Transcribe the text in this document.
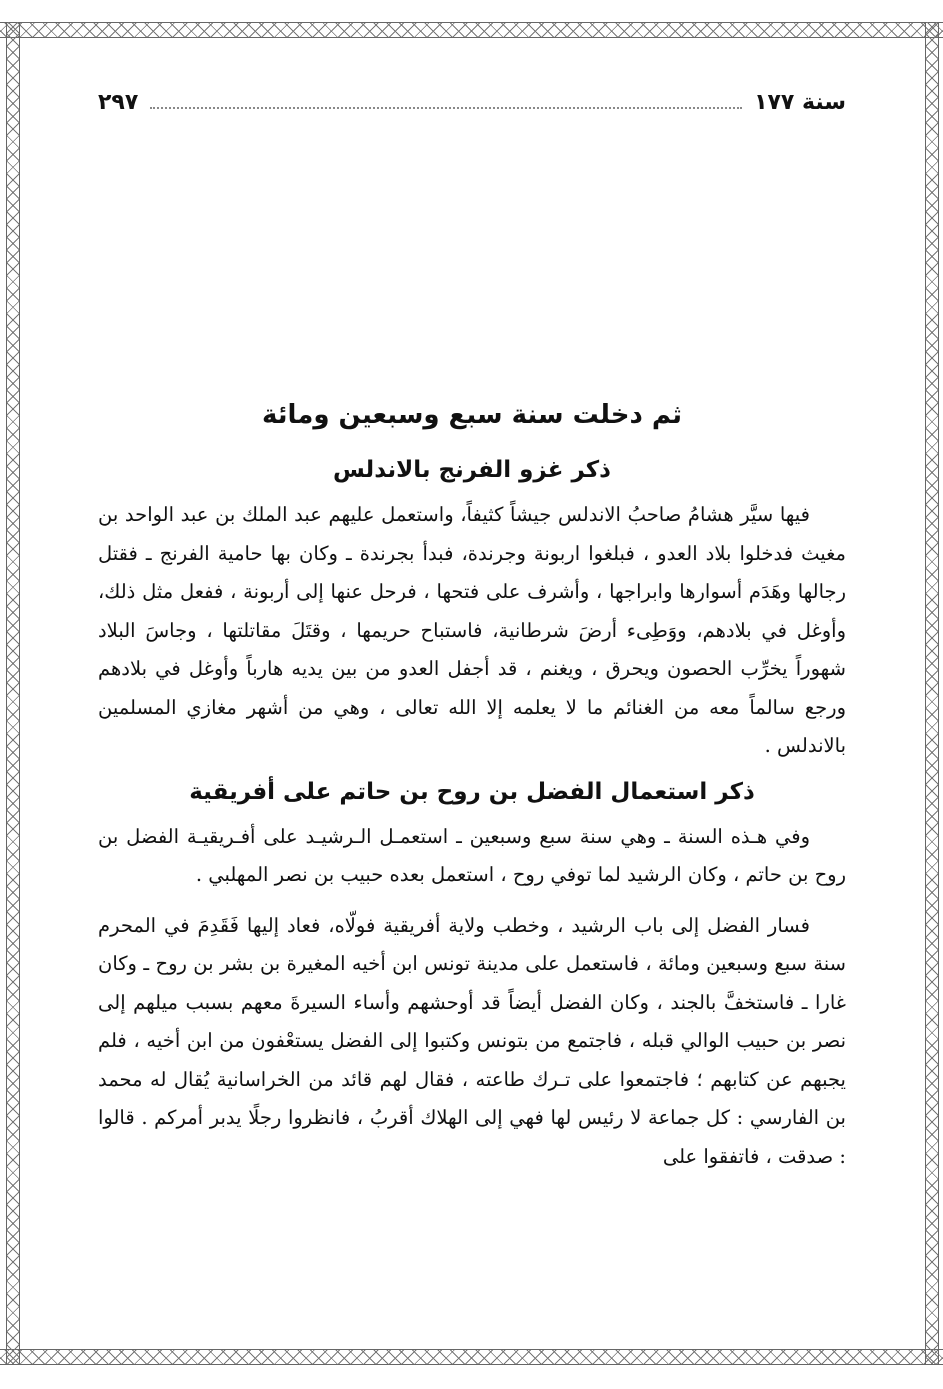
سنة ١٧٧
٢٩٧
ثم دخلت سنة سبع وسبعين ومائة
ذكر غزو الفرنج بالاندلس

فيها سيَّر هشامُ صاحبُ الاندلس جيشاً كثيفاً، واستعمل عليهم عبد الملك بن عبد الواحد بن مغيث فدخلوا بلاد العدو ، فبلغوا اربونة وجرندة، فبدأ بجرندة ـ وكان بها حامية الفرنج ـ فقتل رجالها وهَدَم أسوارها وابراجها ، وأشرف على فتحها ، فرحل عنها إلى أربونة ، ففعل مثل ذلك، وأوغل في بلادهم، ووَطِىء أرضَ شرطانية، فاستباح حريمها ، وقتَلَ مقاتلتها ، وجاسَ البلاد شهوراً يخرِّب الحصون ويحرق ، ويغنم ، قد أجفل العدو من بين يديه هارباً وأوغل في بلادهم ورجع سالماً معه من الغنائم ما لا يعلمه إلا الله تعالى ، وهي من أشهر مغازي المسلمين بالاندلس .

ذكر استعمال الفضل بن روح بن حاتم على أفريقية

وفي هـذه السنة ـ وهي سنة سبع وسبعين ـ استعمـل الـرشيـد على أفـريقيـة الفضل بن روح بن حاتم ، وكان الرشيد لما توفي روح ، استعمل بعده حبيب بن نصر المهلبي .

فسار الفضل إلى باب الرشيد ، وخطب ولاية أفريقية فولّاه، فعاد إليها فَقَدِمَ في المحرم سنة سبع وسبعين ومائة ، فاستعمل على مدينة تونس ابن أخيه المغيرة بن بشر بن روح ـ وكان غارا ـ فاستخفَّ بالجند ، وكان الفضل أيضاً قد أوحشهم وأساء السيرةَ معهم بسبب ميلهم إلى نصر بن حبيب الوالي قبله ، فاجتمع من بتونس وكتبوا إلى الفضل يستعْفون من ابن أخيه ، فلم يجبهم عن كتابهم ؛ فاجتمعوا على تـرك طاعته ، فقال لهم قائد من الخراسانية يُقال له محمد بن الفارسي : كل جماعة لا رئيس لها فهي إلى الهلاك أقربُ ، فانظروا رجلًا يدبر أمركم . قالوا : صدقت ، فاتفقوا على
